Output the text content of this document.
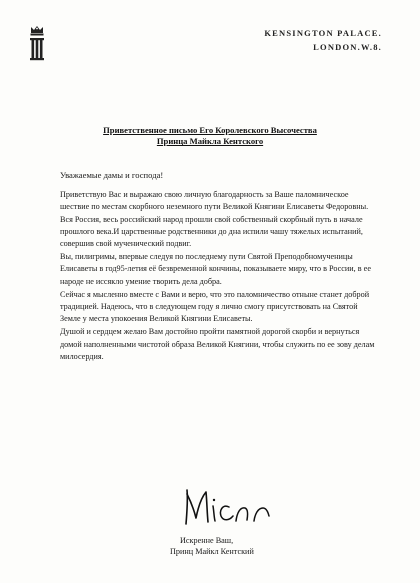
KENSINGTON PALACE.
LONDON.W.8.
Приветственное письмо Его Королевского Высочества
Принца Майкла Кентского
Уважаемые дамы и господа!
Приветствую Вас и выражаю свою личную благодарность за Ваше паломническое
шествие по местам скорбного неземного пути Великой Княгини Елисаветы Федоровны.
Вся Россия, весь российский народ прошли свой собственный скорбный путь в начале
прошлого века.И царственные родственники до дна испили чашу тяжелых испытаний,
совершив свой мученический подвиг.
Вы, пилигримы, впервые следуя по последнему пути Святой Преподобномученицы
Елисаветы в год95-летия её безвременной кончины, показываете миру, что в России, в ее
народе не иссякло умение творить дела добра.
Сейчас я мысленно вместе с Вами и верю, что это паломничество отныне станет доброй
традицией. Надеюсь, что в следующем году я лично смогу присутствовать на Святой
Земле у места упокоения Великой Княгини Елисаветы.
Душой и сердцем желаю Вам достойно пройти памятной дорогой скорби и вернуться
домой наполненными чистотой образа Великой Княгини, чтобы служить по ее зову делам
милосердия.
Искренне Ваш,
Принц Майкл Кентский
